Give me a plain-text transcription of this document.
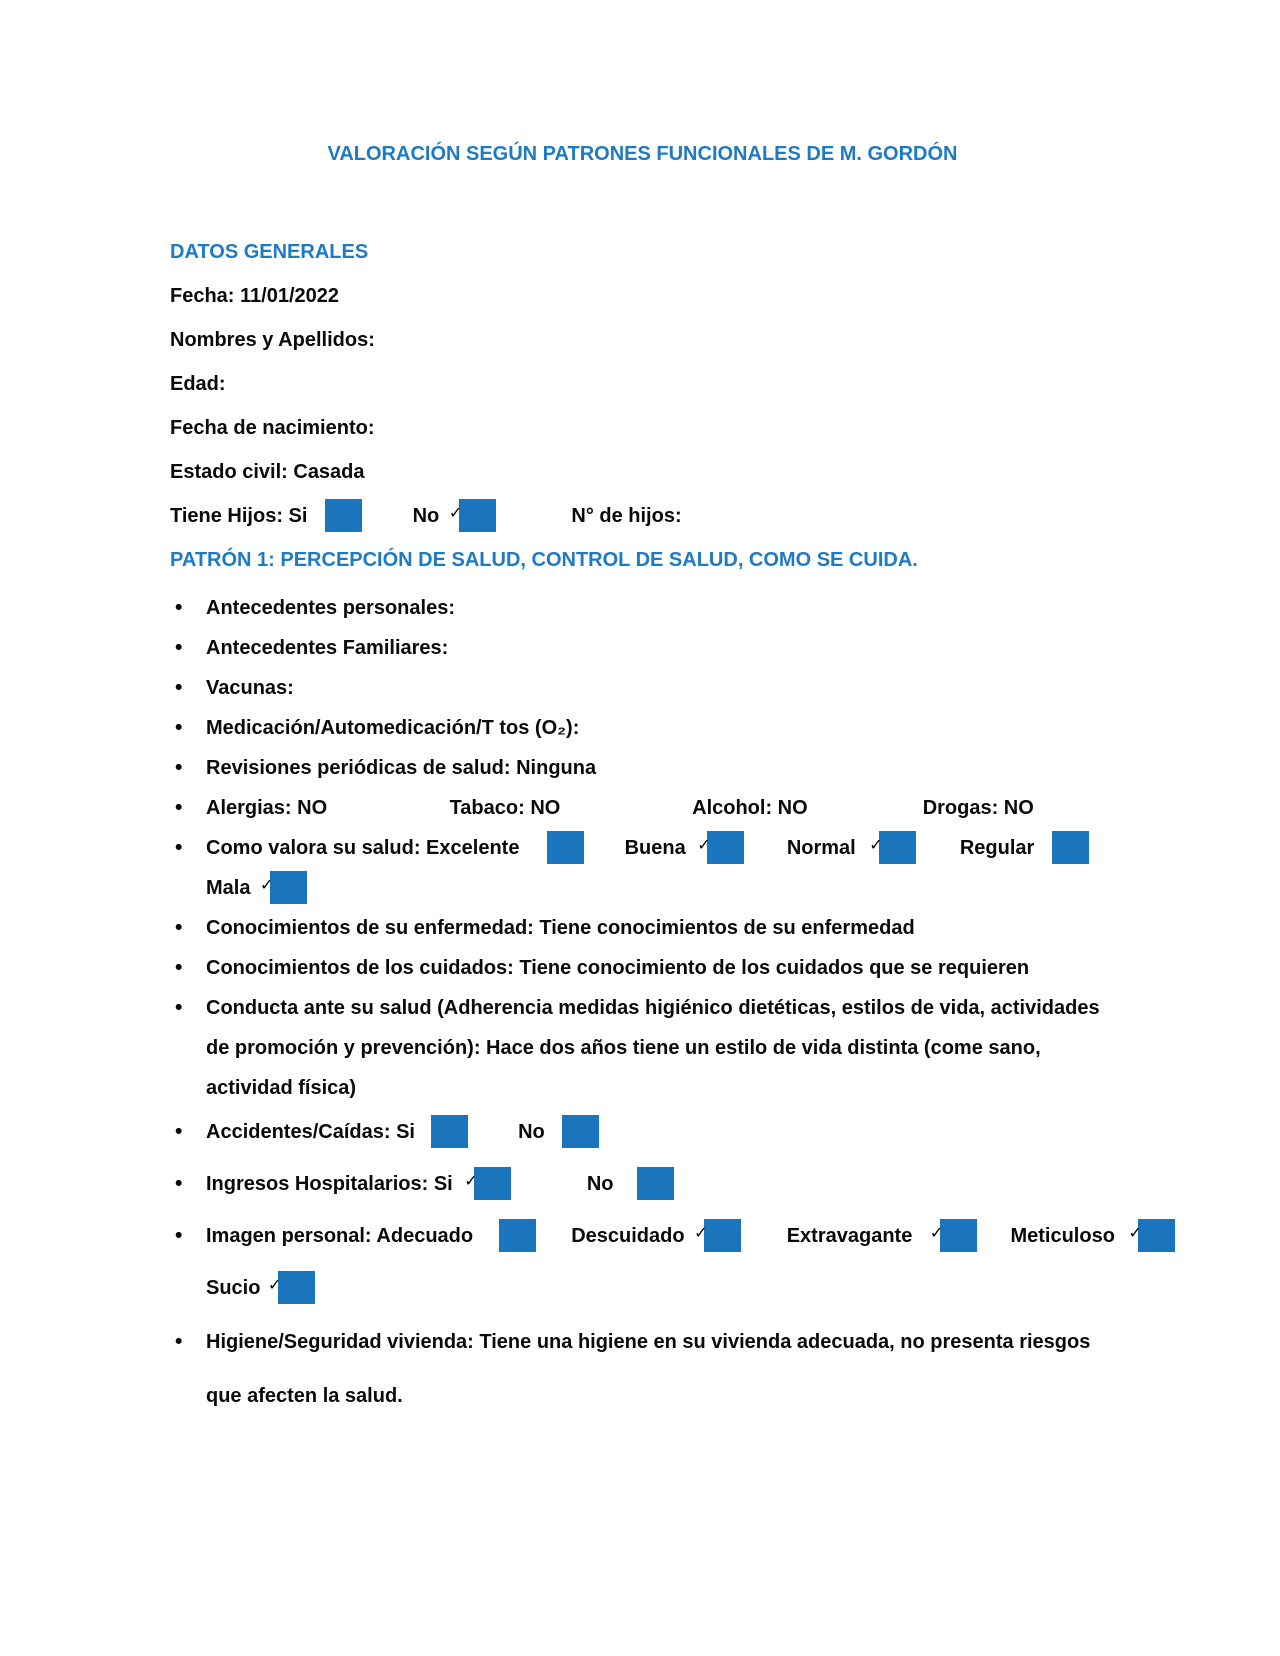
VALORACIÓN SEGÚN PATRONES FUNCIONALES DE M. GORDÓN
DATOS GENERALES
Fecha: 11/01/2022
Nombres y Apellidos:
Edad:
Fecha de nacimiento:
Estado civil: Casada
Tiene Hijos: Si	No ✓	N° de hijos:
PATRÓN 1: PERCEPCIÓN DE SALUD, CONTROL DE SALUD, COMO SE CUIDA.
• Antecedentes personales:
• Antecedentes Familiares:
• Vacunas:
• Medicación/Automedicación/T tos (O₂):
• Revisiones periódicas de salud: Ninguna
• Alergias: NO	Tabaco: NO	Alcohol: NO	Drogas: NO
• Como valora su salud: Excelente	Buena ✓	Normal ✓	Regular
Mala ✓
• Conocimientos de su enfermedad: Tiene conocimientos de su enfermedad
• Conocimientos de los cuidados: Tiene conocimiento de los cuidados que se requieren
• Conducta ante su salud (Adherencia medidas higiénico dietéticas, estilos de vida, actividades
de promoción y prevención): Hace dos años tiene un estilo de vida distinta (come sano,
actividad física)
• Accidentes/Caídas: Si	No
• Ingresos Hospitalarios: Si ✓	No
• Imagen personal: Adecuado	Descuidado ✓	Extravagante ✓	Meticuloso ✓
Sucio ✓
• Higiene/Seguridad vivienda: Tiene una higiene en su vivienda adecuada, no presenta riesgos
que afecten la salud.
